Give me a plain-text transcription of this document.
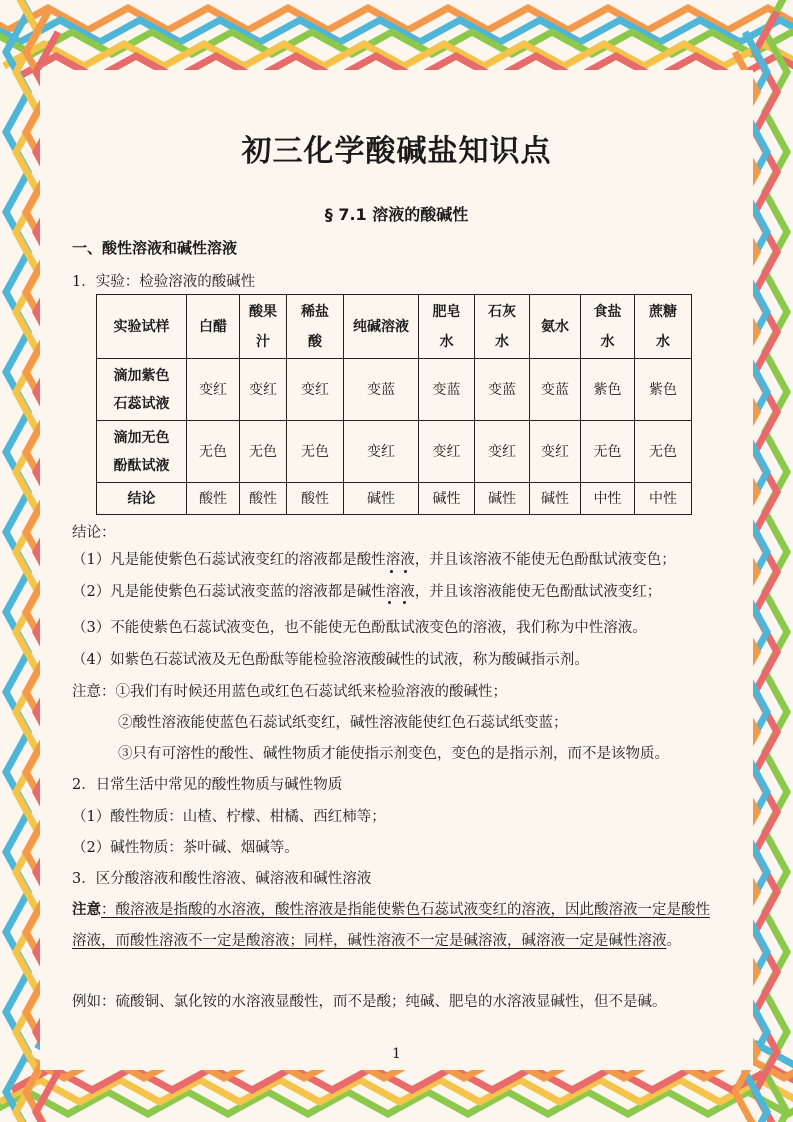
初三化学酸碱盐知识点
§ 7.1 溶液的酸碱性
一、酸性溶液和碱性溶液
1．实验：检验溶液的酸碱性
实验试样	白醋	酸果汁	稀盐酸	纯碱溶液	肥皂水	石灰水	氨水	食盐水	蔗糖水

滴加紫色石蕊试液	变红	变红	变红	变蓝	变蓝	变蓝	变蓝	紫色	紫色

滴加无色酚酞试液	无色	无色	无色	变红	变红	变红	变红	无色	无色
结论	酸性	酸性	酸性	碱性	碱性	碱性	碱性	中性	中性
结论：
（1）凡是能使紫色石蕊试液变红的溶液都是酸性溶液，并且该溶液不能使无色酚酞试液变色；
（2）凡是能使紫色石蕊试液变蓝的溶液都是碱性溶液，并且该溶液能使无色酚酞试液变红；
（3）不能使紫色石蕊试液变色，也不能使无色酚酞试液变色的溶液，我们称为中性溶液。
（4）如紫色石蕊试液及无色酚酞等能检验溶液酸碱性的试液，称为酸碱指示剂。
注意：①我们有时候还用蓝色或红色石蕊试纸来检验溶液的酸碱性；
②酸性溶液能使蓝色石蕊试纸变红，碱性溶液能使红色石蕊试纸变蓝；
③只有可溶性的酸性、碱性物质才能使指示剂变色，变色的是指示剂，而不是该物质。
2．日常生活中常见的酸性物质与碱性物质
（1）酸性物质：山楂、柠檬、柑橘、西红柿等；
（2）碱性物质：茶叶碱、烟碱等。
3．区分酸溶液和酸性溶液、碱溶液和碱性溶液
注意：酸溶液是指酸的水溶液，酸性溶液是指能使紫色石蕊试液变红的溶液，因此酸溶液一定是酸性溶液，而酸性溶液不一定是酸溶液；同样，碱性溶液不一定是碱溶液，碱溶液一定是碱性溶液。
例如：硫酸铜、氯化铵的水溶液显酸性，而不是酸；纯碱、肥皂的水溶液显碱性，但不是碱。
1
